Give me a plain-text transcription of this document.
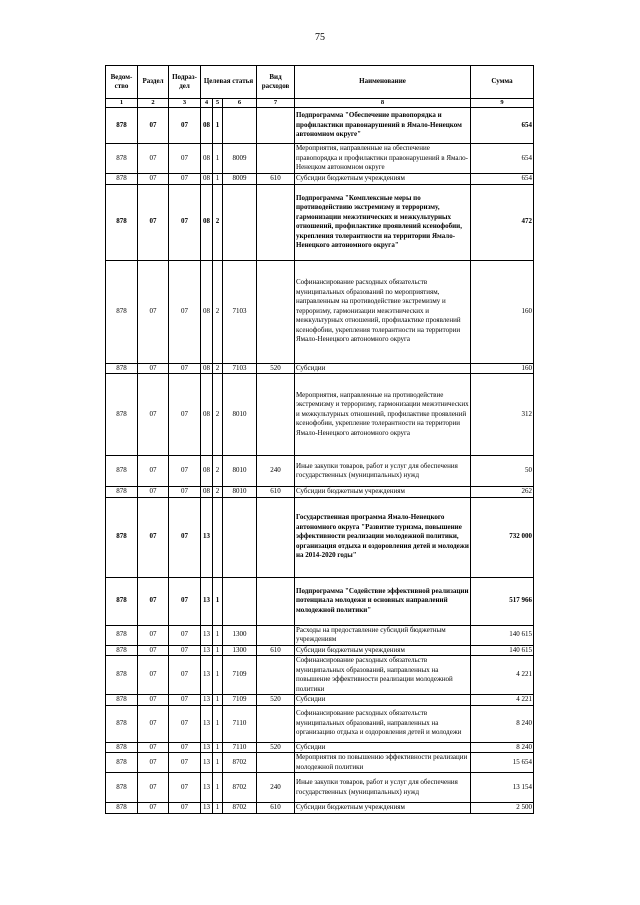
75
Ведом-ство	Раздел	Подраз-дел	Целевая статья			Вид расходов	Наименование	Сумма
1	2	3	4	5	6	7	8	9
878	07	07	08	1			Подпрограмма "Обеспечение правопорядка и профилактики правонарушений в Ямало-Ненецком автономном округе"	654
878	07	07	08	1	8009		Мероприятия, направленные на обеспечение правопорядка и профилактики правонарушений в Ямало-Ненецком автономном округе	654
878	07	07	08	1	8009	610	Субсидии бюджетным учреждениям	654
878	07	07	08	2			Подпрограмма "Комплексные меры по противодействию экстремизму и терроризму, гармонизации межэтнических и межкультурных отношений, профилактике проявлений ксенофобии, укрепления толерантности на территории Ямало-Ненецкого автономного округа"	472
878	07	07	08	2	7103		Софинансирование расходных обязательств муниципальных образований по мероприятиям, направленным на противодействие экстремизму и терроризму, гармонизации межэтнических и межкультурных отношений, профилактике проявлений ксенофобии, укрепления толерантности на территории Ямало-Ненецкого автономного округа	160
878	07	07	08	2	7103	520	Субсидии	160
878	07	07	08	2	8010		Мероприятия, направленные на противодействие экстремизму и терроризму, гармонизации межэтнических и межкультурных отношений, профилактике проявлений ксенофобии, укрепление толерантности на территории Ямало-Ненецкого автономного округа	312
878	07	07	08	2	8010	240	Иные закупки товаров, работ и услуг для обеспечения государственных (муниципальных) нужд	50
878	07	07	08	2	8010	610	Субсидии бюджетным учреждениям	262
878	07	07	13				Государственная программа Ямало-Ненецкого автономного округа "Развитие туризма, повышение эффективности реализации молодежной политики, организация отдыха и оздоровления детей и молодежи на 2014-2020 годы"	732 000
878	07	07	13	1			Подпрограмма "Содействие эффективной реализации потенциала молодежи и основных направлений молодежной политики"	517 966
878	07	07	13	1	1300		Расходы на предоставление субсидий бюджетным учреждениям	140 615
878	07	07	13	1	1300	610	Субсидии бюджетным учреждениям	140 615
878	07	07	13	1	7109		Софинансирование расходных обязательств муниципальных образований, направленных на повышение эффективности реализации молодежной политики	4 221
878	07	07	13	1	7109	520	Субсидии	4 221
878	07	07	13	1	7110		Софинансирование расходных обязательств муниципальных образований, направленных на организацию отдыха и оздоровления детей и молодежи	8 240
878	07	07	13	1	7110	520	Субсидии	8 240
878	07	07	13	1	8702		Мероприятия по повышению эффективности реализации молодежной политики	15 654
878	07	07	13	1	8702	240	Иные закупки товаров, работ и услуг для обеспечения государственных (муниципальных) нужд	13 154
878	07	07	13	1	8702	610	Субсидии бюджетным учреждениям	2 500
